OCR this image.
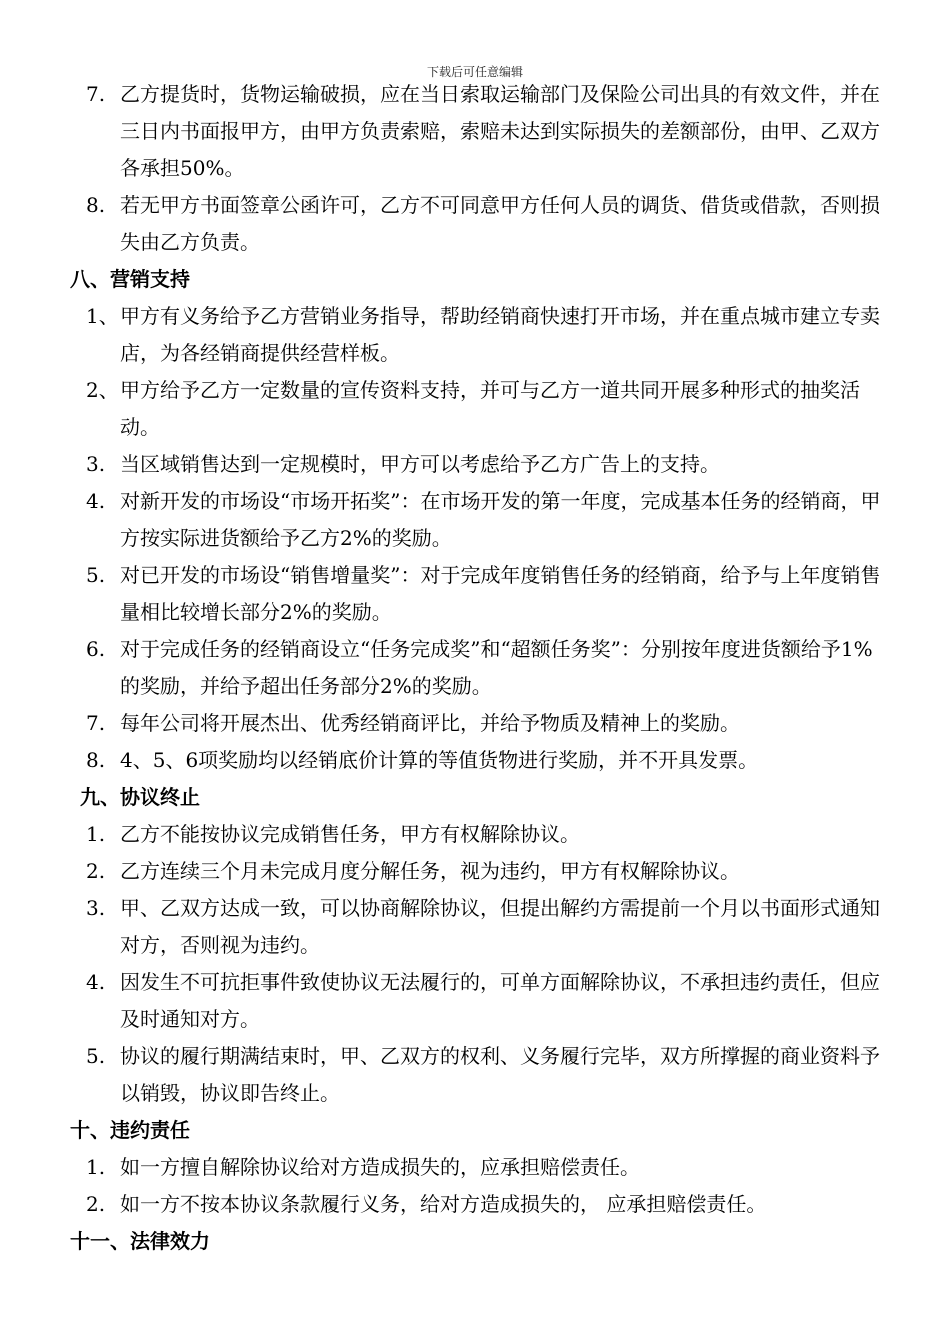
下载后可任意编辑
7. 乙方提货时，货物运输破损，应在当日索取运输部门及保险公司出具的有效文件，并在三日内书面报甲方，由甲方负责索赔，索赔未达到实际损失的差额部份，由甲、乙双方各承担50%。
8. 若无甲方书面签章公函许可，乙方不可同意甲方任何人员的调货、借货或借款，否则损失由乙方负责。
八、营销支持
1、 甲方有义务给予乙方营销业务指导，帮助经销商快速打开市场，并在重点城市建立专卖店，为各经销商提供经营样板。
2、 甲方给予乙方一定数量的宣传资料支持，并可与乙方一道共同开展多种形式的抽奖活动。
3. 当区域销售达到一定规模时，甲方可以考虑给予乙方广告上的支持。
4. 对新开发的市场设“市场开拓奖”：在市场开发的第一年度，完成基本任务的经销商，甲方按实际进货额给予乙方2%的奖励。
5. 对已开发的市场设“销售增量奖”：对于完成年度销售任务的经销商，给予与上年度销售量相比较增长部分2%的奖励。
6. 对于完成任务的经销商设立“任务完成奖”和“超额任务奖”：分别按年度进货额给予1%的奖励，并给予超出任务部分2%的奖励。
7. 每年公司将开展杰出、优秀经销商评比，并给予物质及精神上的奖励。
8. 4、5、6项奖励均以经销底价计算的等值货物进行奖励，并不开具发票。
九、协议终止
1. 乙方不能按协议完成销售任务，甲方有权解除协议。
2. 乙方连续三个月未完成月度分解任务，视为违约，甲方有权解除协议。
3. 甲、乙双方达成一致，可以协商解除协议，但提出解约方需提前一个月以书面形式通知对方，否则视为违约。
4. 因发生不可抗拒事件致使协议无法履行的，可单方面解除协议，不承担违约责任，但应及时通知对方。
5. 协议的履行期满结束时，甲、乙双方的权利、义务履行完毕，双方所撑握的商业资料予以销毁，协议即告终止。
十、违约责任
1. 如一方擅自解除协议给对方造成损失的，应承担赔偿责任。
2. 如一方不按本协议条款履行义务，给对方造成损失的， 应承担赔偿责任。
十一、法律效力
